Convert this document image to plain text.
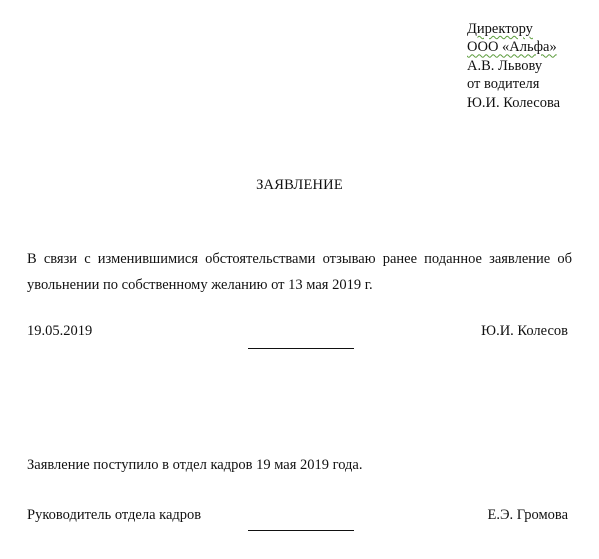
Директору
ООО «Альфа»
А.В. Львову
от водителя
Ю.И. Колесова
ЗАЯВЛЕНИЕ
В связи с изменившимися обстоятельствами отзываю ранее поданное заявление об
увольнении по собственному желанию от 13 мая 2019 г.
19.05.2019	Ю.И. Колесов
Заявление поступило в отдел кадров 19 мая 2019 года.
Руководитель отдела кадров	Е.Э. Громова
